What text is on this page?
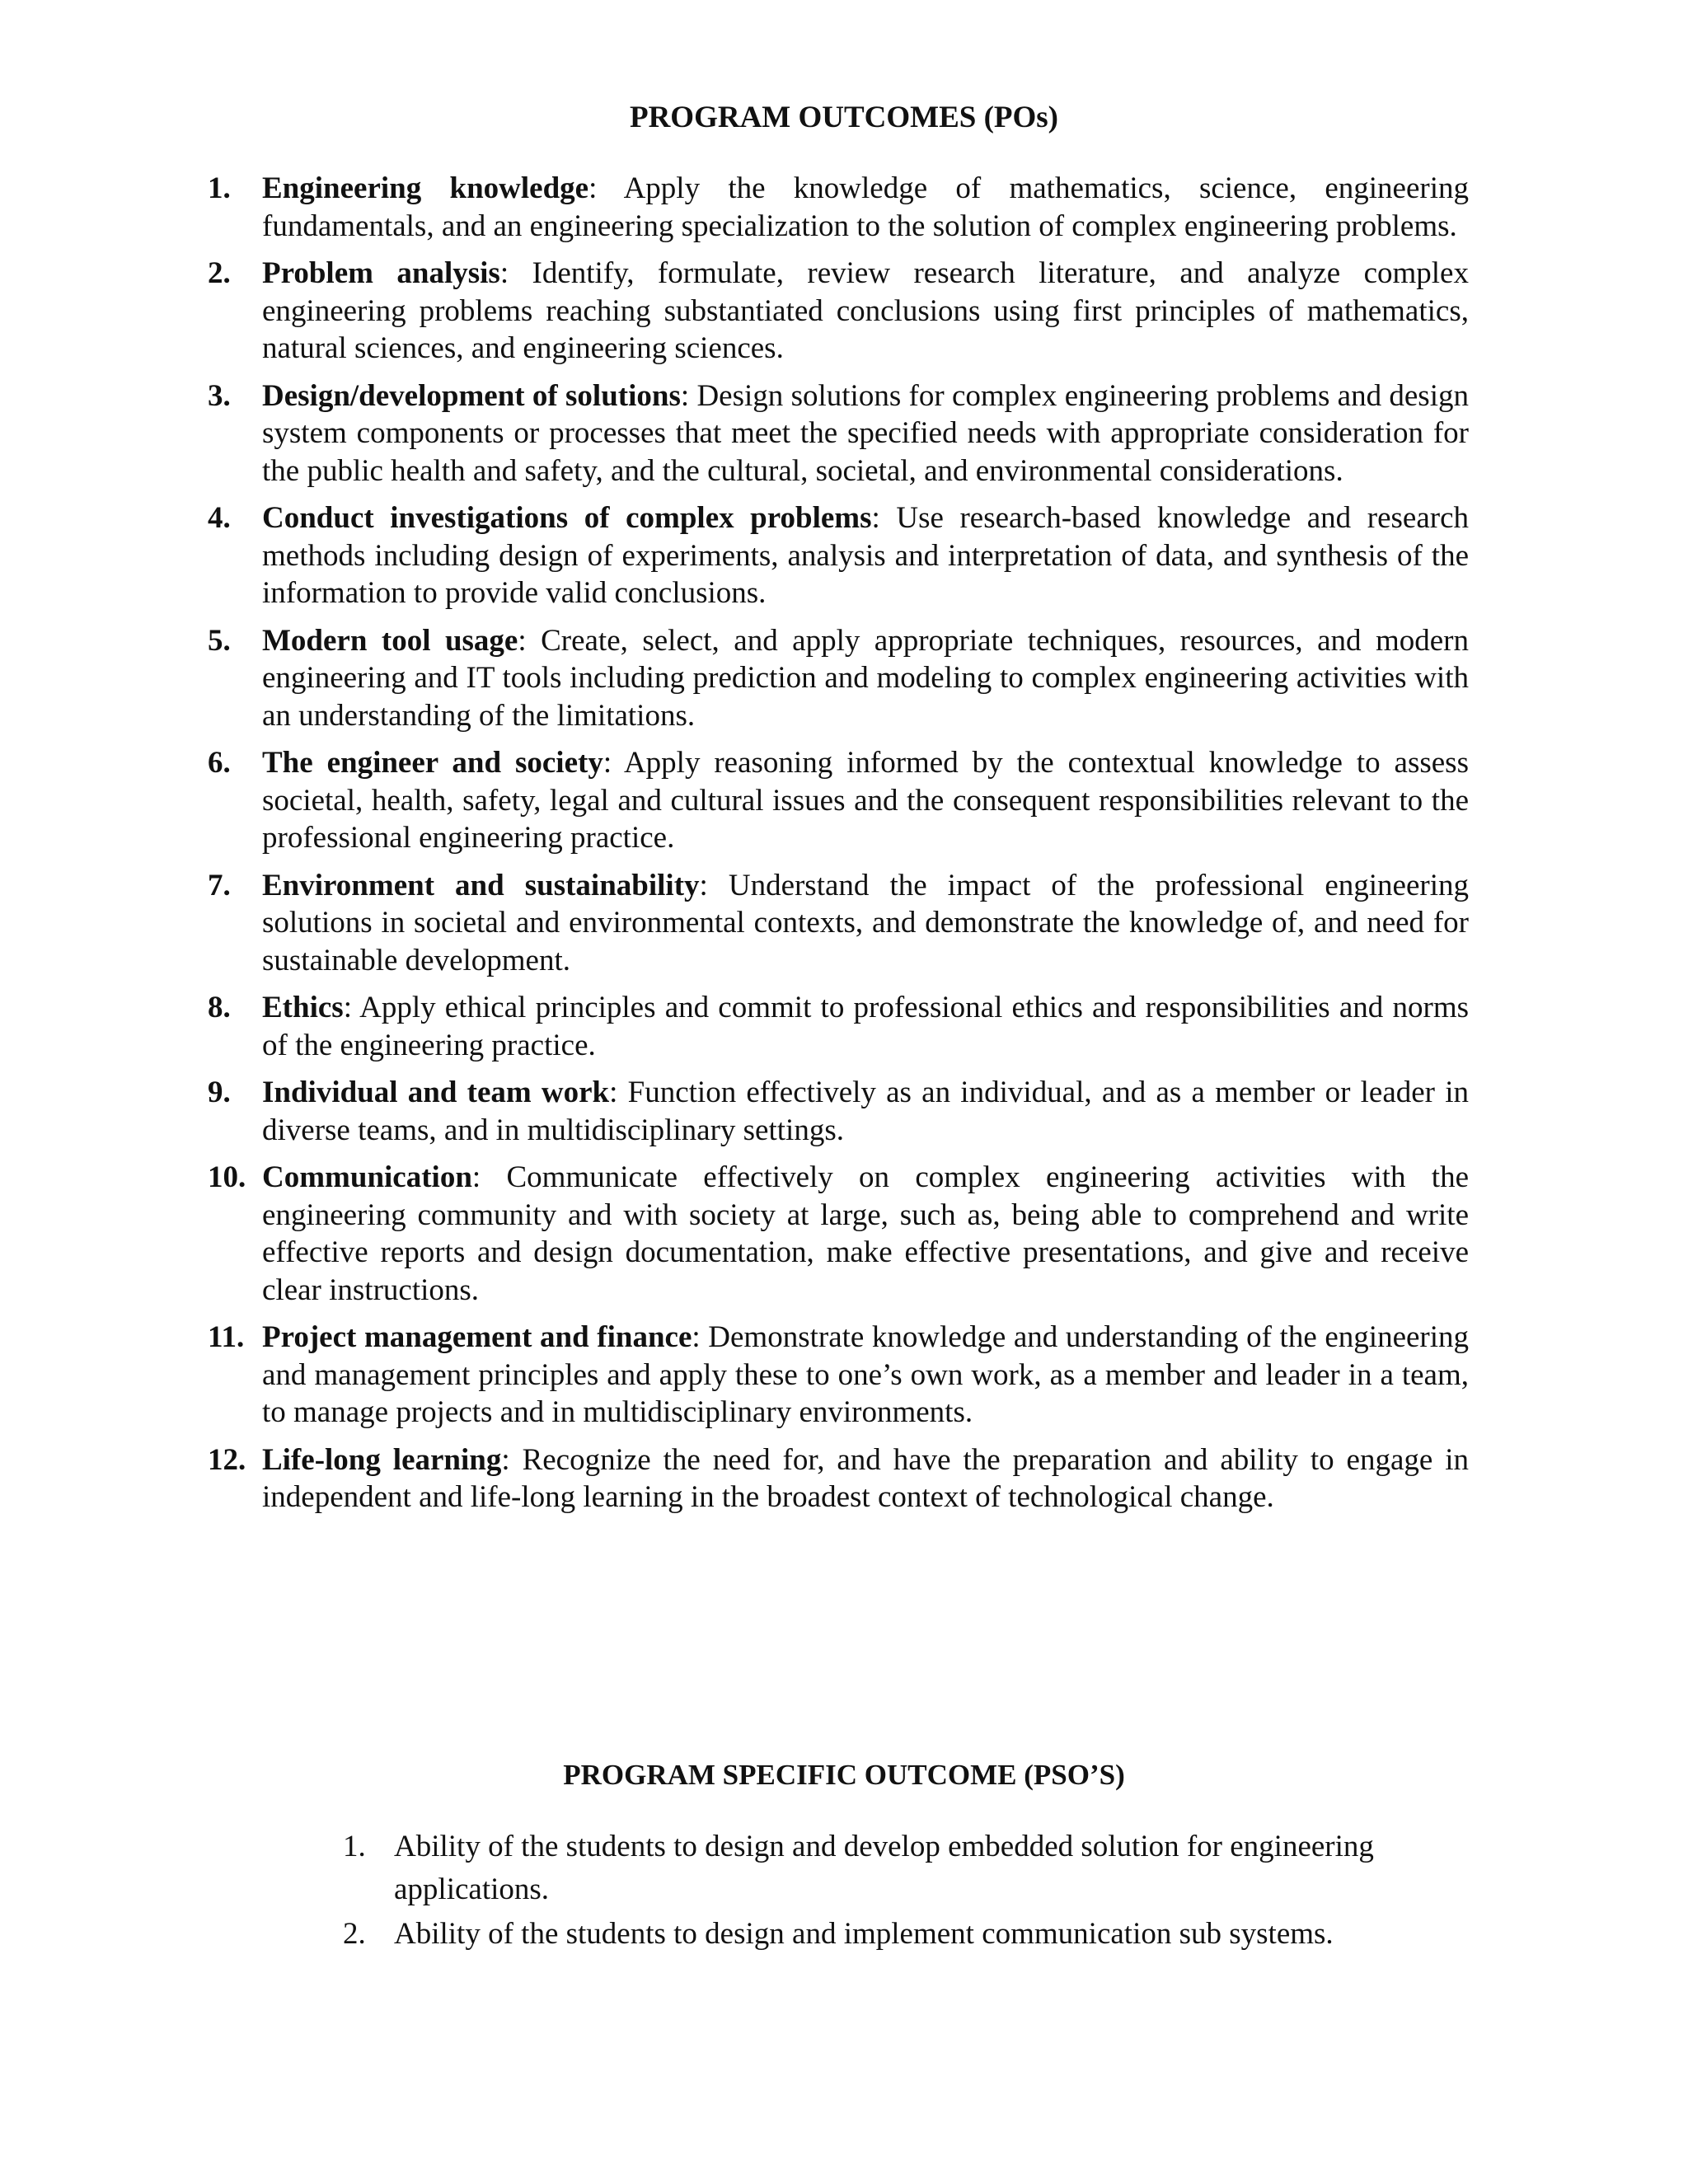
PROGRAM OUTCOMES (POs)
1.	Engineering knowledge: Apply the knowledge of mathematics, science, engineering fundamentals, and an engineering specialization to the solution of complex engineering problems.
2.	Problem analysis: Identify, formulate, review research literature, and analyze complex engineering problems reaching substantiated conclusions using first principles of mathematics, natural sciences, and engineering sciences.
3.	Design/development of solutions: Design solutions for complex engineering problems and design system components or processes that meet the specified needs with appropriate consideration for the public health and safety, and the cultural, societal, and environmental considerations.
4.	Conduct investigations of complex problems: Use research-based knowledge and research methods including design of experiments, analysis and interpretation of data, and synthesis of the information to provide valid conclusions.
5.	Modern tool usage: Create, select, and apply appropriate techniques, resources, and modern engineering and IT tools including prediction and modeling to complex engineering activities with an understanding of the limitations.
6.	The engineer and society: Apply reasoning informed by the contextual knowledge to assess societal, health, safety, legal and cultural issues and the consequent responsibilities relevant to the professional engineering practice.
7.	Environment and sustainability: Understand the impact of the professional engineering solutions in societal and environmental contexts, and demonstrate the knowledge of, and need for sustainable development.
8.	Ethics: Apply ethical principles and commit to professional ethics and responsibilities and norms of the engineering practice.
9.	Individual and team work: Function effectively as an individual, and as a member or leader in diverse teams, and in multidisciplinary settings.
10. Communication: Communicate effectively on complex engineering activities with the engineering community and with society at large, such as, being able to comprehend and write effective reports and design documentation, make effective presentations, and give and receive clear instructions.
11. Project management and finance: Demonstrate knowledge and understanding of the engineering and management principles and apply these to one’s own work, as a member and leader in a team, to manage projects and in multidisciplinary environments.
12. Life-long learning: Recognize the need for, and have the preparation and ability to engage in independent and life-long learning in the broadest context of technological change.
PROGRAM SPECIFIC OUTCOME (PSO’S)
1. Ability of the students to design and develop embedded solution for engineering applications.
2. Ability of the students to design and implement communication sub systems.
